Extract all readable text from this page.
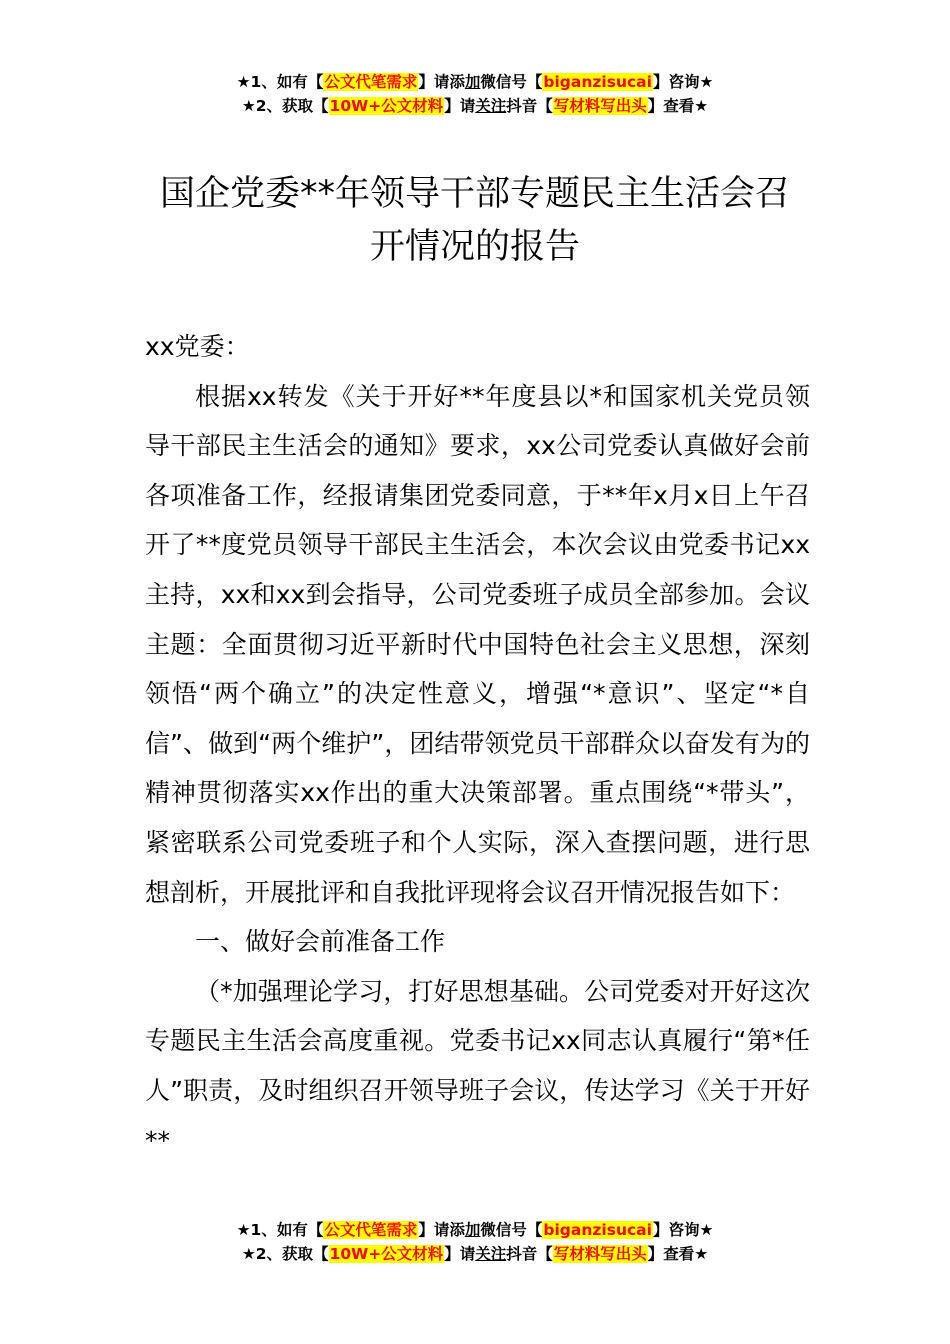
★1、如有【公文代笔需求】请添加微信号【biganzisucai】咨询★
★2、获取【10W+公文材料】请关注抖音【写材料写出头】查看★
国企党委**年领导干部专题民主生活会召
开情况的报告

xx党委：

根据xx转发《关于开好**年度县以*和国家机关党员领导干部民主生活会的通知》要求，xx公司党委认真做好会前各项准备工作，经报请集团党委同意，于**年x月x日上午召开了**度党员领导干部民主生活会，本次会议由党委书记xx主持，xx和xx到会指导，公司党委班子成员全部参加。会议主题：全面贯彻习近平新时代中国特色社会主义思想，深刻领悟“两个确立”的决定性意义，增强“*意识”、坚定“*自信”、做到“两个维护”，团结带领党员干部群众以奋发有为的精神贯彻落实xx作出的重大决策部署。重点围绕“*带头”，紧密联系公司党委班子和个人实际，深入查摆问题，进行思想剖析，开展批评和自我批评现将会议召开情况报告如下：

一、做好会前准备工作

（*加强理论学习，打好思想基础。公司党委对开好这次专题民主生活会高度重视。党委书记xx同志认真履行“第*任人”职责，及时组织召开领导班子会议，传达学习《关于开好**

★1、如有【公文代笔需求】请添加微信号【biganzisucai】咨询★
★2、获取【10W+公文材料】请关注抖音【写材料写出头】查看★
